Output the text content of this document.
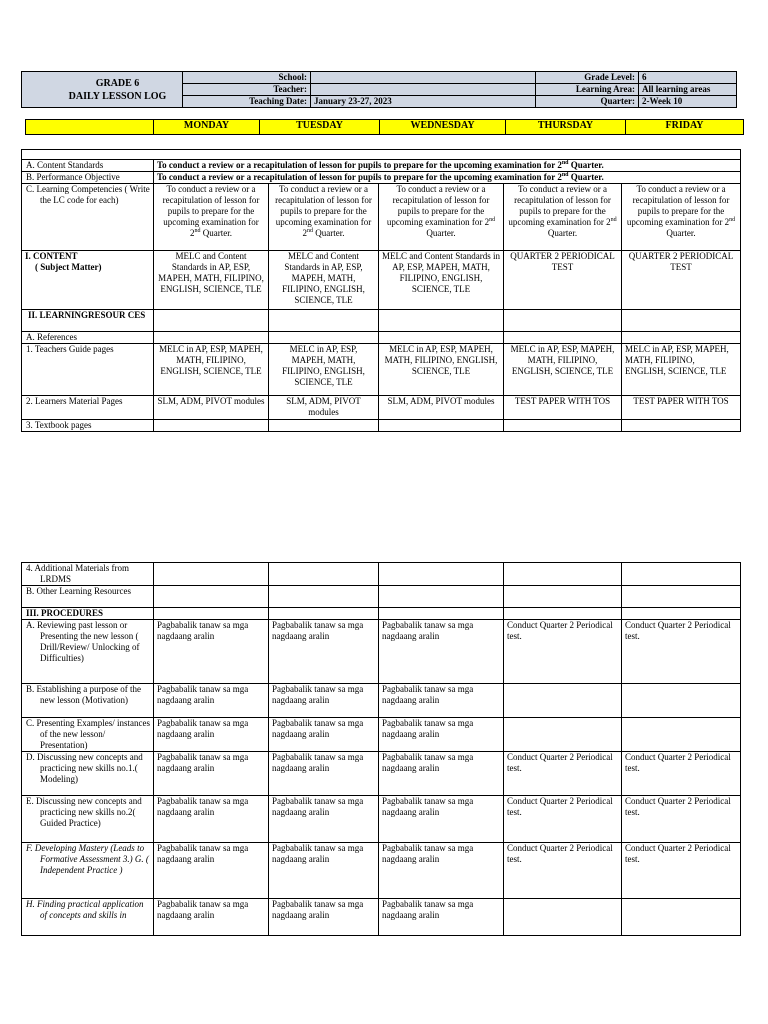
GRADE 6
DAILY LESSON LOG	School:		Grade Level:	6
	Teacher:		Learning Area:	All learning areas
	Teaching Date:	January 23-27, 2023	Quarter:	2-Week 10
	MONDAY	TUESDAY	WEDNESDAY	THURSDAY	FRIDAY

A. Content Standards	To conduct a review or a recapitulation of lesson for pupils to prepare for the upcoming examination for 2nd Quarter.				
B. Performance Objective	To conduct a review or a recapitulation of lesson for pupils to prepare for the upcoming examination for 2nd Quarter.				
C. Learning Competencies ( Write the LC code for each)	To conduct a review or a recapitulation of lesson for pupils to prepare for the upcoming examination for 2nd Quarter.	To conduct a review or a recapitulation of lesson for pupils to prepare for the upcoming examination for 2nd Quarter.	To conduct a review or a recapitulation of lesson for pupils to prepare for the upcoming examination for 2nd Quarter.	To conduct a review or a recapitulation of lesson for pupils to prepare for the upcoming examination for 2nd Quarter.	To conduct a review or a recapitulation of lesson for pupils to prepare for the upcoming examination for 2nd Quarter.

I. CONTENT
( Subject Matter)	MELC and Content Standards in AP, ESP, MAPEH, MATH, FILIPINO, ENGLISH, SCIENCE, TLE	MELC and Content Standards in AP, ESP, MAPEH, MATH, FILIPINO, ENGLISH, SCIENCE, TLE	MELC and Content Standards in AP, ESP, MAPEH, MATH, FILIPINO, ENGLISH, SCIENCE, TLE	QUARTER 2 PERIODICAL TEST	QUARTER 2 PERIODICAL TEST
II. LEARNINGRESOUR CES					
A. References					
1. Teachers Guide pages	MELC in AP, ESP, MAPEH, MATH, FILIPINO, ENGLISH, SCIENCE, TLE	MELC in AP, ESP, MAPEH, MATH, FILIPINO, ENGLISH, SCIENCE, TLE	MELC in AP, ESP, MAPEH, MATH, FILIPINO, ENGLISH, SCIENCE, TLE	MELC in AP, ESP, MAPEH, MATH, FILIPINO, ENGLISH, SCIENCE, TLE	MELC in AP, ESP, MAPEH, MATH, FILIPINO, ENGLISH, SCIENCE, TLE
2. Learners Material Pages	SLM, ADM, PIVOT modules	SLM, ADM, PIVOT modules	SLM, ADM, PIVOT modules	TEST PAPER WITH TOS	TEST PAPER WITH TOS
3. Textbook pages					
4. Additional Materials from LRDMS					
B. Other Learning Resources					
III. PROCEDURES					
A. Reviewing past lesson or Presenting the new lesson ( Drill/Review/ Unlocking of Difficulties)	Pagbabalik tanaw sa mga nagdaang aralin	Pagbabalik tanaw sa mga nagdaang aralin	Pagbabalik tanaw sa mga nagdaang aralin	Conduct Quarter 2 Periodical test.	Conduct Quarter 2 Periodical test.
B. Establishing a purpose of the new lesson (Motivation)	Pagbabalik tanaw sa mga nagdaang aralin	Pagbabalik tanaw sa mga nagdaang aralin	Pagbabalik tanaw sa mga nagdaang aralin		
C. Presenting Examples/ instances of the new lesson/ Presentation)	Pagbabalik tanaw sa mga nagdaang aralin	Pagbabalik tanaw sa mga nagdaang aralin	Pagbabalik tanaw sa mga nagdaang aralin		
D. Discussing new concepts and practicing new skills no.1.( Modeling)	Pagbabalik tanaw sa mga nagdaang aralin	Pagbabalik tanaw sa mga nagdaang aralin	Pagbabalik tanaw sa mga nagdaang aralin	Conduct Quarter 2 Periodical test.	Conduct Quarter 2 Periodical test.
E. Discussing new concepts and practicing new skills no.2( Guided Practice)	Pagbabalik tanaw sa mga nagdaang aralin	Pagbabalik tanaw sa mga nagdaang aralin	Pagbabalik tanaw sa mga nagdaang aralin	Conduct Quarter 2 Periodical test.	Conduct Quarter 2 Periodical test.
F. Developing Mastery (Leads to Formative Assessment 3.) G. ( Independent Practice )	Pagbabalik tanaw sa mga nagdaang aralin	Pagbabalik tanaw sa mga nagdaang aralin	Pagbabalik tanaw sa mga nagdaang aralin	Conduct Quarter 2 Periodical test.	Conduct Quarter 2 Periodical test.
H. Finding practical application of concepts and skills in	Pagbabalik tanaw sa mga nagdaang aralin	Pagbabalik tanaw sa mga nagdaang aralin	Pagbabalik tanaw sa mga nagdaang aralin		
